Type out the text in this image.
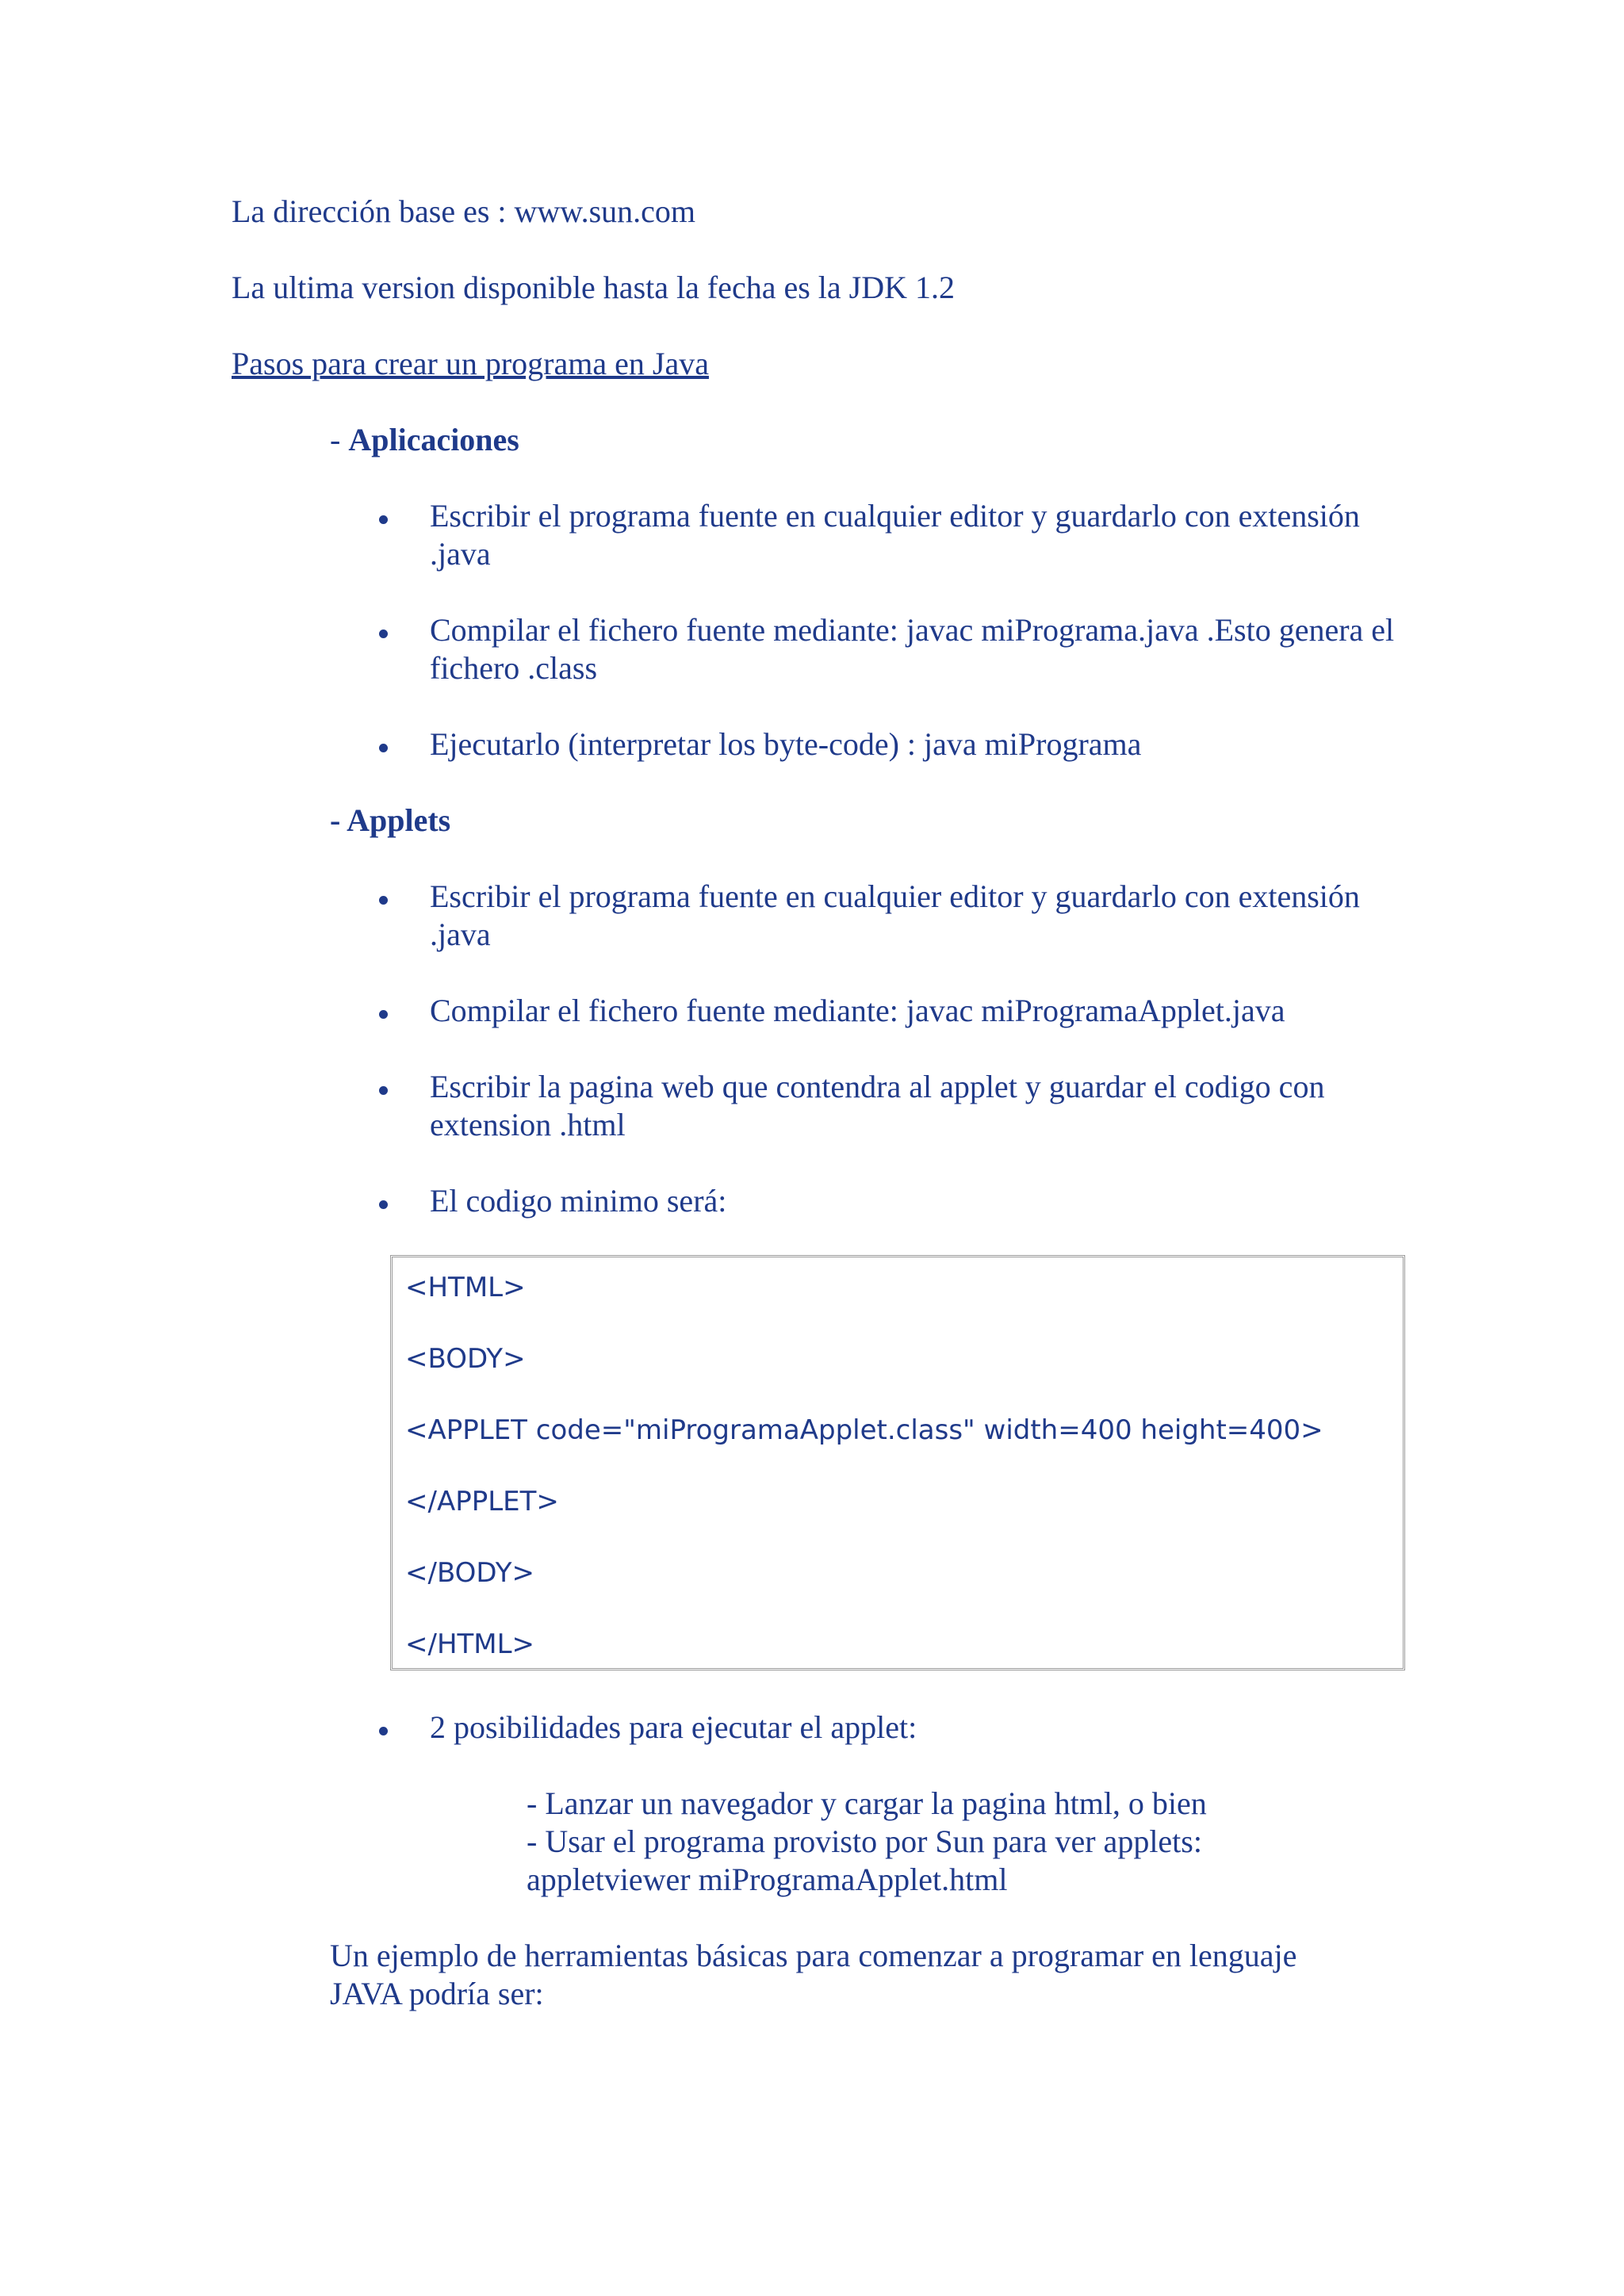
La dirección base es : www.sun.com
La ultima version disponible hasta la fecha es la JDK 1.2
Pasos para crear un programa en Java
- Aplicaciones
Escribir el programa fuente en cualquier editor y guardarlo con extensión .java
Compilar el fichero fuente mediante: javac miPrograma.java .Esto genera el fichero .class
Ejecutarlo (interpretar los byte-code) : java miPrograma
- Applets
Escribir el programa fuente en cualquier editor y guardarlo con extensión .java
Compilar el fichero fuente mediante: javac miProgramaApplet.java
Escribir la pagina web que contendra al applet y guardar el codigo con extension .html
El codigo minimo será:
<HTML>
<BODY>
<APPLET code="miProgramaApplet.class" width=400 height=400>
</APPLET>
</BODY>
</HTML>
2 posibilidades para ejecutar el applet:
- Lanzar un navegador y cargar la pagina html, o bien
- Usar el programa provisto por Sun para ver applets:
appletviewer miProgramaApplet.html
Un ejemplo de herramientas básicas para comenzar a programar en lenguaje
JAVA podría ser:
